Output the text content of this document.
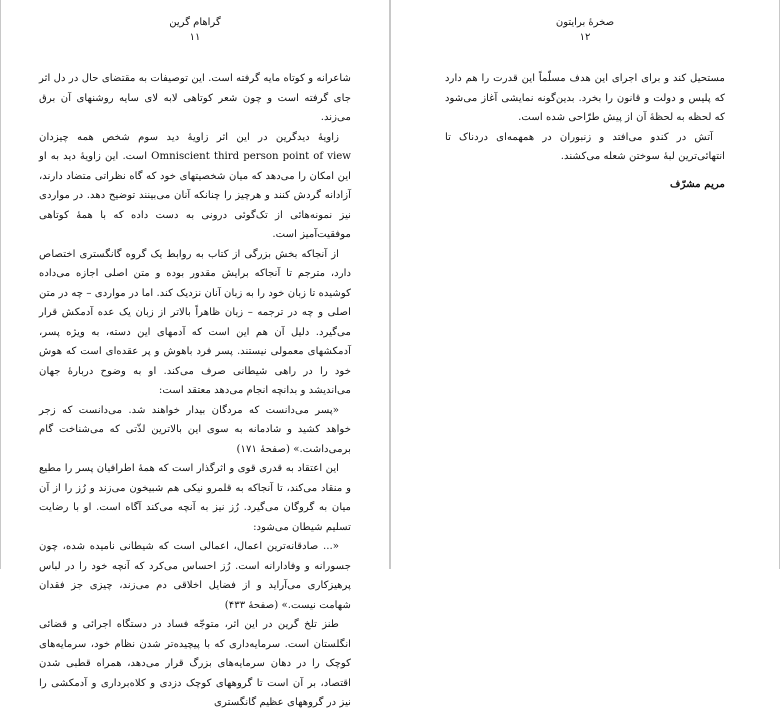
گراهام گرین
۱۱

شاعرانه و کوتاه مایه گرفته است. این توصیفات به مقتضای حال در دل اثر جای گرفته است و چون شعر کوتاهی لابه لای سایه روشنهای آن برق می‌زند.

زاویهٔ دیدگرین در این اثر زاویهٔ دید سوم شخص همه چیزدان Omniscient third person point of view است. این زاویهٔ دید به او این امکان را می‌دهد که میان شخصیتهای خود که گاه نظراتی متضاد دارند، آزادانه گردش کنند و هرچیز را چنانکه آنان می‌بینند توضیح دهد. در مواردی نیز نمونه‌هائی از تک‌گوئی درونی به دست داده که با همهٔ کوتاهی موفقیت‌آمیز است.

از آنجاکه بخش بزرگی از کتاب به روابط یک گروه گانگستری اختصاص دارد، مترجم تا آنجاکه برایش مقدور بوده و متن اصلی اجازه می‌داده کوشیده تا زبان خود را به زبان آنان نزدیک کند. اما در مواردی – چه در متن اصلی و چه در ترجمه – زبان ظاهراً بالاتر از زبان یک عده آدمکش قرار می‌گیرد. دلیل آن هم این است که آدمهای این دسته، به ویژه پسر، آدمکشهای معمولی نیستند. پسر فرد باهوش و پر عقده‌ای است که هوش خود را در راهی شیطانی صرف می‌کند. او به وضوح دربارهٔ جهان می‌اندیشد و بدانچه انجام می‌دهد معتقد است:

«پسر می‌دانست که مردگان بیدار خواهند شد. می‌دانست که زجر خواهد کشید و شادمانه به سوی این بالاترین لذّتی که می‌شناخت گام برمی‌داشت.» (صفحهٔ ۱۷۱)

این اعتقاد به قدری قوی و اثرگذار است که همهٔ اطرافیان پسر را مطیع و منقاد می‌کند، تا آنجاکه به قلمرو نیکی هم شبیخون می‌زند و رُز را از آن میان به گروگان می‌گیرد. رُز نیز به آنچه می‌کند آگاه است. او با رضایت تسلیم شیطان می‌شود:

«... صادقانه‌ترین اعمال، اعمالی است که شیطانی نامیده شده، چون جسورانه و وفادارانه است. رُز احساس می‌کرد که آنچه خود را در لباس پرهیزکاری می‌آراید و از فضایل اخلاقی دم می‌زند، چیزی جز فقدان شهامت نیست.» (صفحهٔ ۴۳۳)

طنز تلخ گرین در این اثر، متوجّه فساد در دستگاه اجرائی و قضائی انگلستان است. سرمایه‌داری که با پیچیده‌تر شدن نظام خود، سرمایه‌های کوچک را در دهان سرمایه‌های بزرگ قرار می‌دهد، همراه قطبی شدن اقتصاد، بر آن است تا گروههای کوچک دزدی و کلاه‌برداری و آدمکشی را نیز در گروههای عظیم گانگستری

صخرهٔ برایتون
۱۲

مستحیل کند و برای اجرای این هدف مسلّماً این قدرت را هم دارد که پلیس و دولت و قانون را بخرد. بدین‌گونه نمایشی آغاز می‌شود که لحظه به لحظهٔ آن از پیش طرّاحی شده است.

آتش در کندو می‌افتد و زنبوران در همهمه‌ای دردناک تا انتهائی‌ترین لبهٔ سوختن شعله می‌کشند.

مریم مشرّف
